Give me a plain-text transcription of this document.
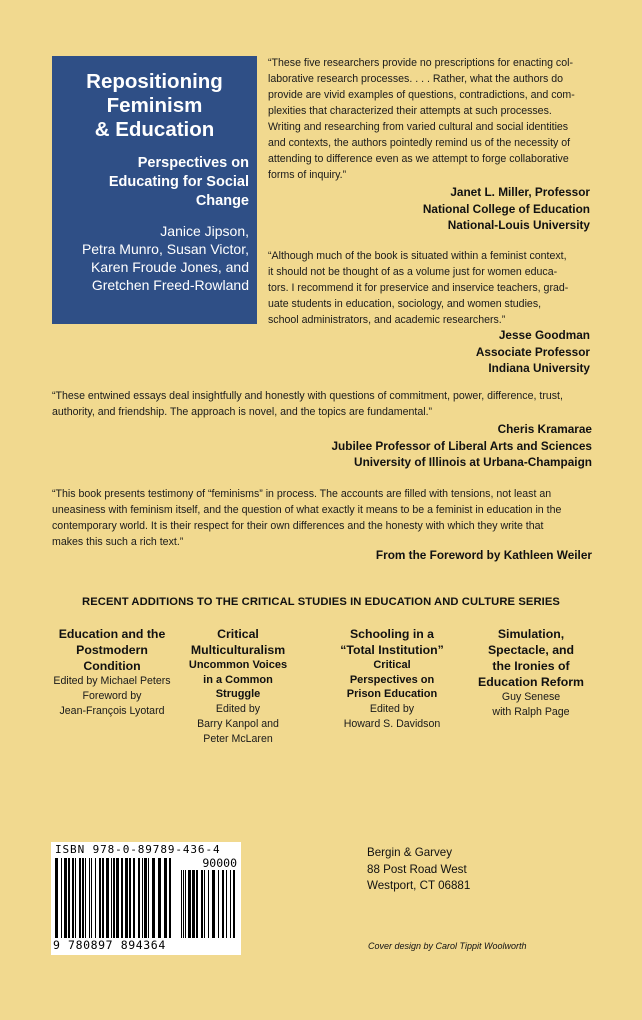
Repositioning
Feminism
& Education
Perspectives on
Educating for Social
Change
Janice Jipson,
Petra Munro, Susan Victor,
Karen Froude Jones, and
Gretchen Freed-Rowland
“These five researchers provide no prescriptions for enacting col-
laborative research processes. . . . Rather, what the authors do
provide are vivid examples of questions, contradictions, and com-
plexities that characterized their attempts at such processes.
Writing and researching from varied cultural and social identities
and contexts, the authors pointedly remind us of the necessity of
attending to difference even as we attempt to forge collaborative
forms of inquiry.”
Janet L. Miller, Professor
National College of Education
National-Louis University
“Although much of the book is situated within a feminist context,
it should not be thought of as a volume just for women educa-
tors. I recommend it for preservice and inservice teachers, grad-
uate students in education, sociology, and women studies,
school administrators, and academic researchers.”
Jesse Goodman
Associate Professor
Indiana University
“These entwined essays deal insightfully and honestly with questions of commitment, power, difference, trust,
authority, and friendship. The approach is novel, and the topics are fundamental.”
Cheris Kramarae
Jubilee Professor of Liberal Arts and Sciences
University of Illinois at Urbana-Champaign
“This book presents testimony of “feminisms” in process. The accounts are filled with tensions, not least an
uneasiness with feminism itself, and the question of what exactly it means to be a feminist in education in the
contemporary world. It is their respect for their own differences and the honesty with which they write that
makes this such a rich text.”
From the Foreword by Kathleen Weiler
RECENT ADDITIONS TO THE CRITICAL STUDIES IN EDUCATION AND CULTURE SERIES
Education and the
Postmodern
Condition
Edited by Michael Peters
Foreword by
Jean-François Lyotard
Critical
Multiculturalism
Uncommon Voices
in a Common
Struggle
Edited by
Barry Kanpol and
Peter McLaren
Schooling in a
“Total Institution”
Critical
Perspectives on
Prison Education
Edited by
Howard S. Davidson
Simulation,
Spectacle, and
the Ironies of
Education Reform
Guy Senese
with Ralph Page
ISBN 978-0-89789-436-4
90000
9 780897 894364
Bergin & Garvey
88 Post Road West
Westport, CT 06881
Cover design by Carol Tippit Woolworth
